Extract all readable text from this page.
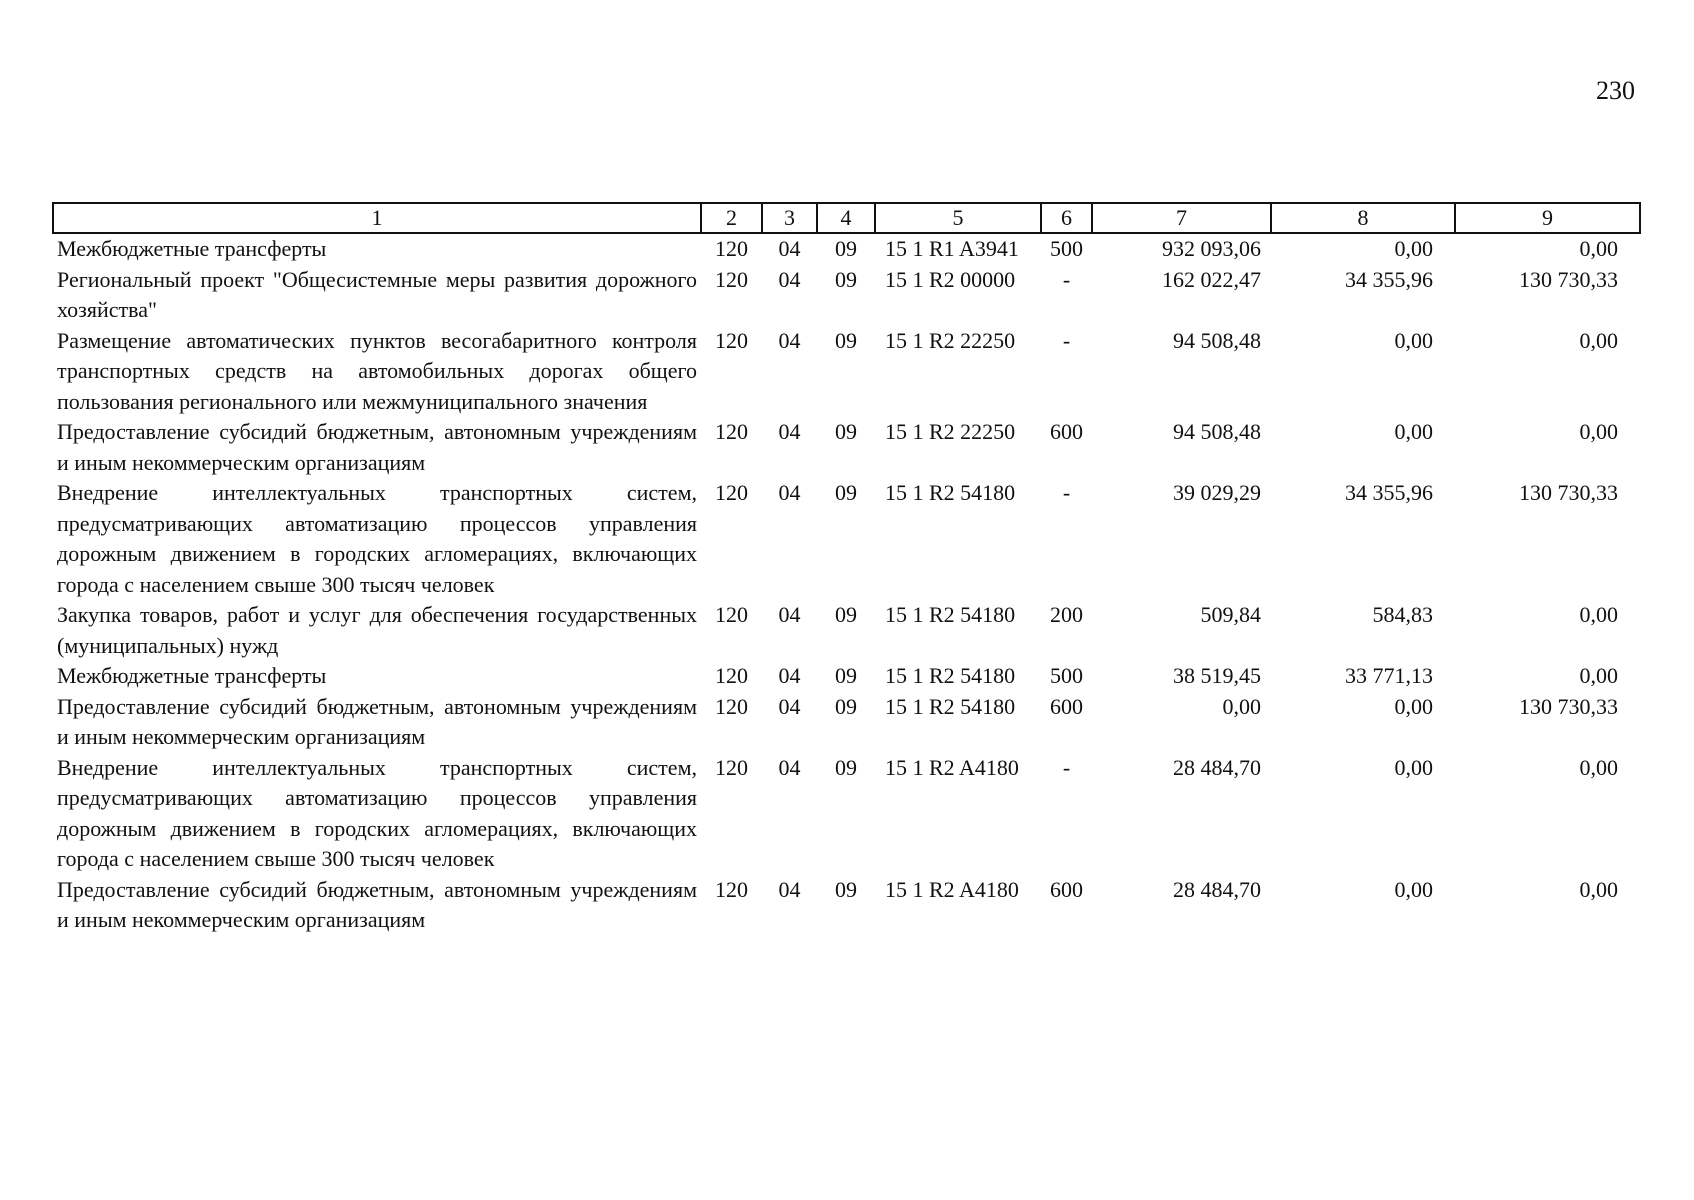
230
1	2	3	4	5	6	7	8	9
Межбюджетные трансферты	120	04	09	15 1 R1 A3941	500	932 093,06	0,00	0,00
Региональный проект "Общесистемные меры развития дорожного хозяйства"	120	04	09	15 1 R2 00000	-	162 022,47	34 355,96	130 730,33
Размещение автоматических пунктов весогабаритного контроля транспортных средств на автомобильных дорогах общего пользования регионального или межмуниципального значения	120	04	09	15 1 R2 22250	-	94 508,48	0,00	0,00
Предоставление субсидий бюджетным, автономным учреждениям и иным некоммерческим организациям	120	04	09	15 1 R2 22250	600	94 508,48	0,00	0,00
Внедрение интеллектуальных транспортных систем, предусматривающих автоматизацию процессов управления дорожным движением в городских агломерациях, включающих города с населением свыше 300 тысяч человек	120	04	09	15 1 R2 54180	-	39 029,29	34 355,96	130 730,33
Закупка товаров, работ и услуг для обеспечения государственных (муниципальных) нужд	120	04	09	15 1 R2 54180	200	509,84	584,83	0,00
Межбюджетные трансферты	120	04	09	15 1 R2 54180	500	38 519,45	33 771,13	0,00
Предоставление субсидий бюджетным, автономным учреждениям и иным некоммерческим организациям	120	04	09	15 1 R2 54180	600	0,00	0,00	130 730,33
Внедрение интеллектуальных транспортных систем, предусматривающих автоматизацию процессов управления дорожным движением в городских агломерациях, включающих города с населением свыше 300 тысяч человек	120	04	09	15 1 R2 A4180	-	28 484,70	0,00	0,00
Предоставление субсидий бюджетным, автономным учреждениям и иным некоммерческим организациям	120	04	09	15 1 R2 A4180	600	28 484,70	0,00	0,00
